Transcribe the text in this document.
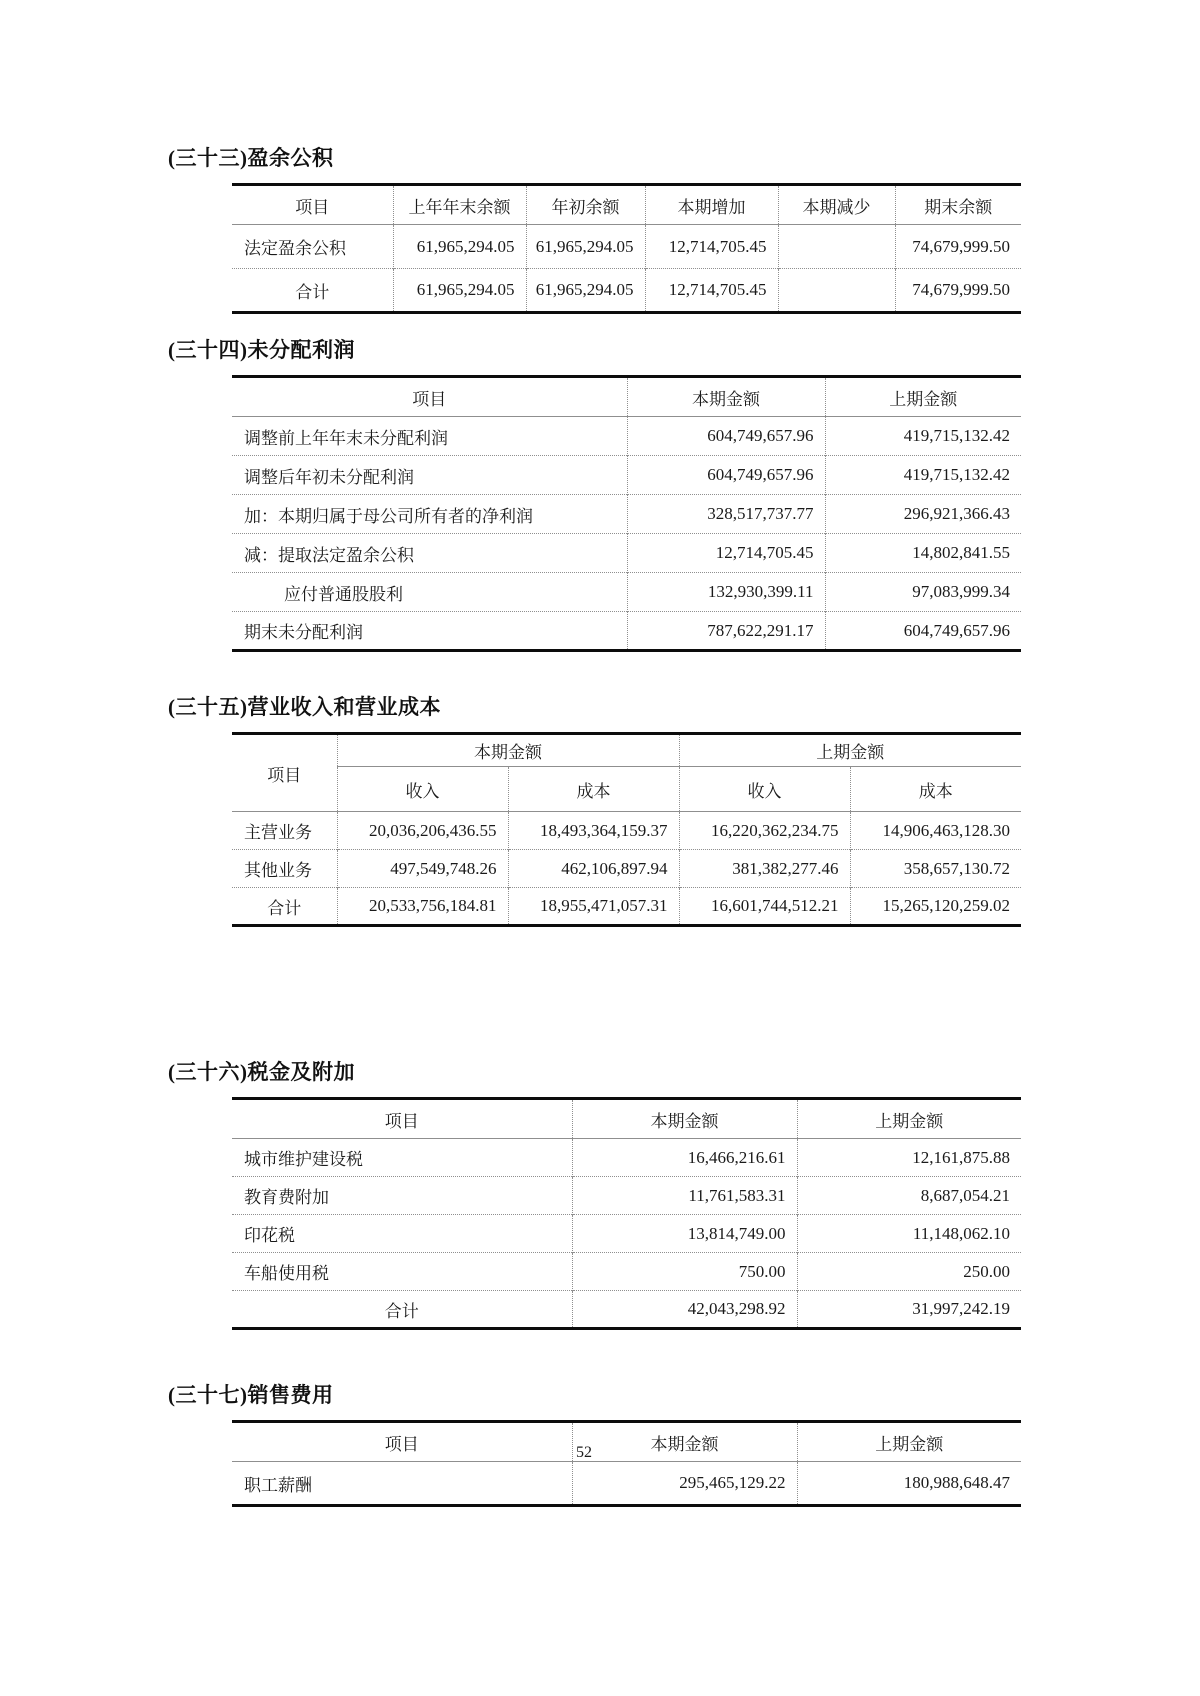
(三十三)盈余公积
项目	上年年末余额	年初余额	本期增加	本期减少	期末余额
法定盈余公积	61,965,294.05	61,965,294.05	12,714,705.45		74,679,999.50
合计	61,965,294.05	61,965,294.05	12,714,705.45		74,679,999.50
(三十四)未分配利润
项目	本期金额	上期金额
调整前上年年末未分配利润	604,749,657.96	419,715,132.42
调整后年初未分配利润	604,749,657.96	419,715,132.42
加：本期归属于母公司所有者的净利润	328,517,737.77	296,921,366.43
减：提取法定盈余公积	12,714,705.45	14,802,841.55
应付普通股股利	132,930,399.11	97,083,999.34
期末未分配利润	787,622,291.17	604,749,657.96
(三十五)营业收入和营业成本
项目	本期金额		上期金额	
	收入	成本	收入	成本
主营业务	20,036,206,436.55	18,493,364,159.37	16,220,362,234.75	14,906,463,128.30
其他业务	497,549,748.26	462,106,897.94	381,382,277.46	358,657,130.72
合计	20,533,756,184.81	18,955,471,057.31	16,601,744,512.21	15,265,120,259.02
(三十六)税金及附加
项目	本期金额	上期金额
城市维护建设税	16,466,216.61	12,161,875.88
教育费附加	11,761,583.31	8,687,054.21
印花税	13,814,749.00	11,148,062.10
车船使用税	750.00	250.00
合计	42,043,298.92	31,997,242.19
(三十七)销售费用
项目	本期金额	上期金额
职工薪酬	295,465,129.22	180,988,648.47
52
